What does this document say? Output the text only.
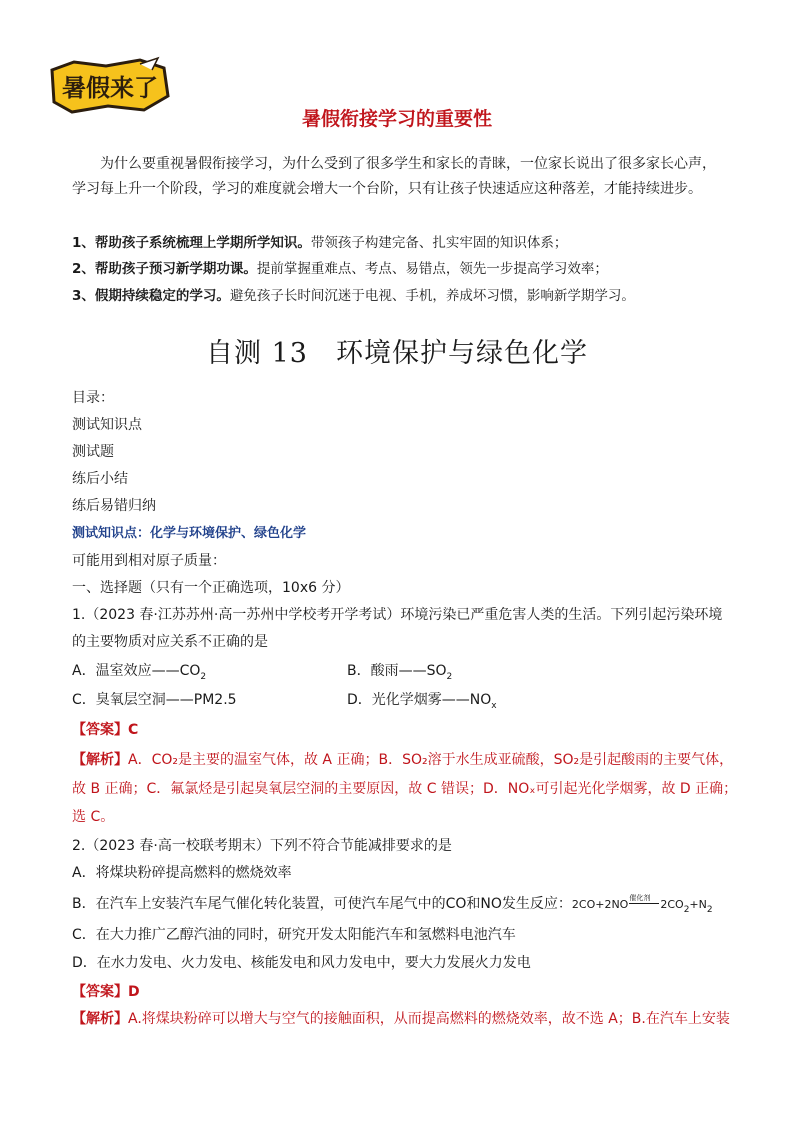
暑假来了
暑假衔接学习的重要性
为什么要重视暑假衔接学习，为什么受到了很多学生和家长的青睐，一位家长说出了很多家长心声，学习每上升一个阶段，学习的难度就会增大一个台阶，只有让孩子快速适应这种落差，才能持续进步。
1、帮助孩子系统梳理上学期所学知识。带领孩子构建完备、扎实牢固的知识体系；
2、帮助孩子预习新学期功课。提前掌握重难点、考点、易错点，领先一步提高学习效率；
3、假期持续稳定的学习。避免孩子长时间沉迷于电视、手机，养成坏习惯，影响新学期学习。
自测 13　环境保护与绿色化学
目录：
测试知识点
测试题
练后小结
练后易错归纳
测试知识点：化学与环境保护、绿色化学
可能用到相对原子质量：
一、选择题（只有一个正确选项，10x6 分）
1.（2023 春·江苏苏州·高一苏州中学校考开学考试）环境污染已严重危害人类的生活。下列引起污染环境
的主要物质对应关系不正确的是
A．温室效应$——CO_2$	B．酸雨$——SO_2$
C．臭氧层空洞——PM2.5	D．光化学烟雾$——NO_x$
【答案】C
【解析】A．CO₂是主要的温室气体，故 A 正确；B．SO₂溶于水生成亚硫酸，SO₂是引起酸雨的主要气体，
故 B 正确；C．氟氯烃是引起臭氧层空洞的主要原因，故 C 错误；D．NOₓ可引起光化学烟雾，故 D 正确；
选 C。
2.（2023 春·高一校联考期末）下列不符合节能减排要求的是
A．将煤块粉碎提高燃料的燃烧效率
B．在汽车上安装汽车尾气催化转化装置，可使汽车尾气中的CO和NO发生反应：2CO+2NO 催化剂 $2CO_2+N_2$
C．在大力推广乙醇汽油的同时，研究开发太阳能汽车和氢燃料电池汽车
D．在水力发电、火力发电、核能发电和风力发电中，要大力发展火力发电
【答案】D
【解析】A.将煤块粉碎可以增大与空气的接触面积，从而提高燃料的燃烧效率，故不选 A；B.在汽车上安装
